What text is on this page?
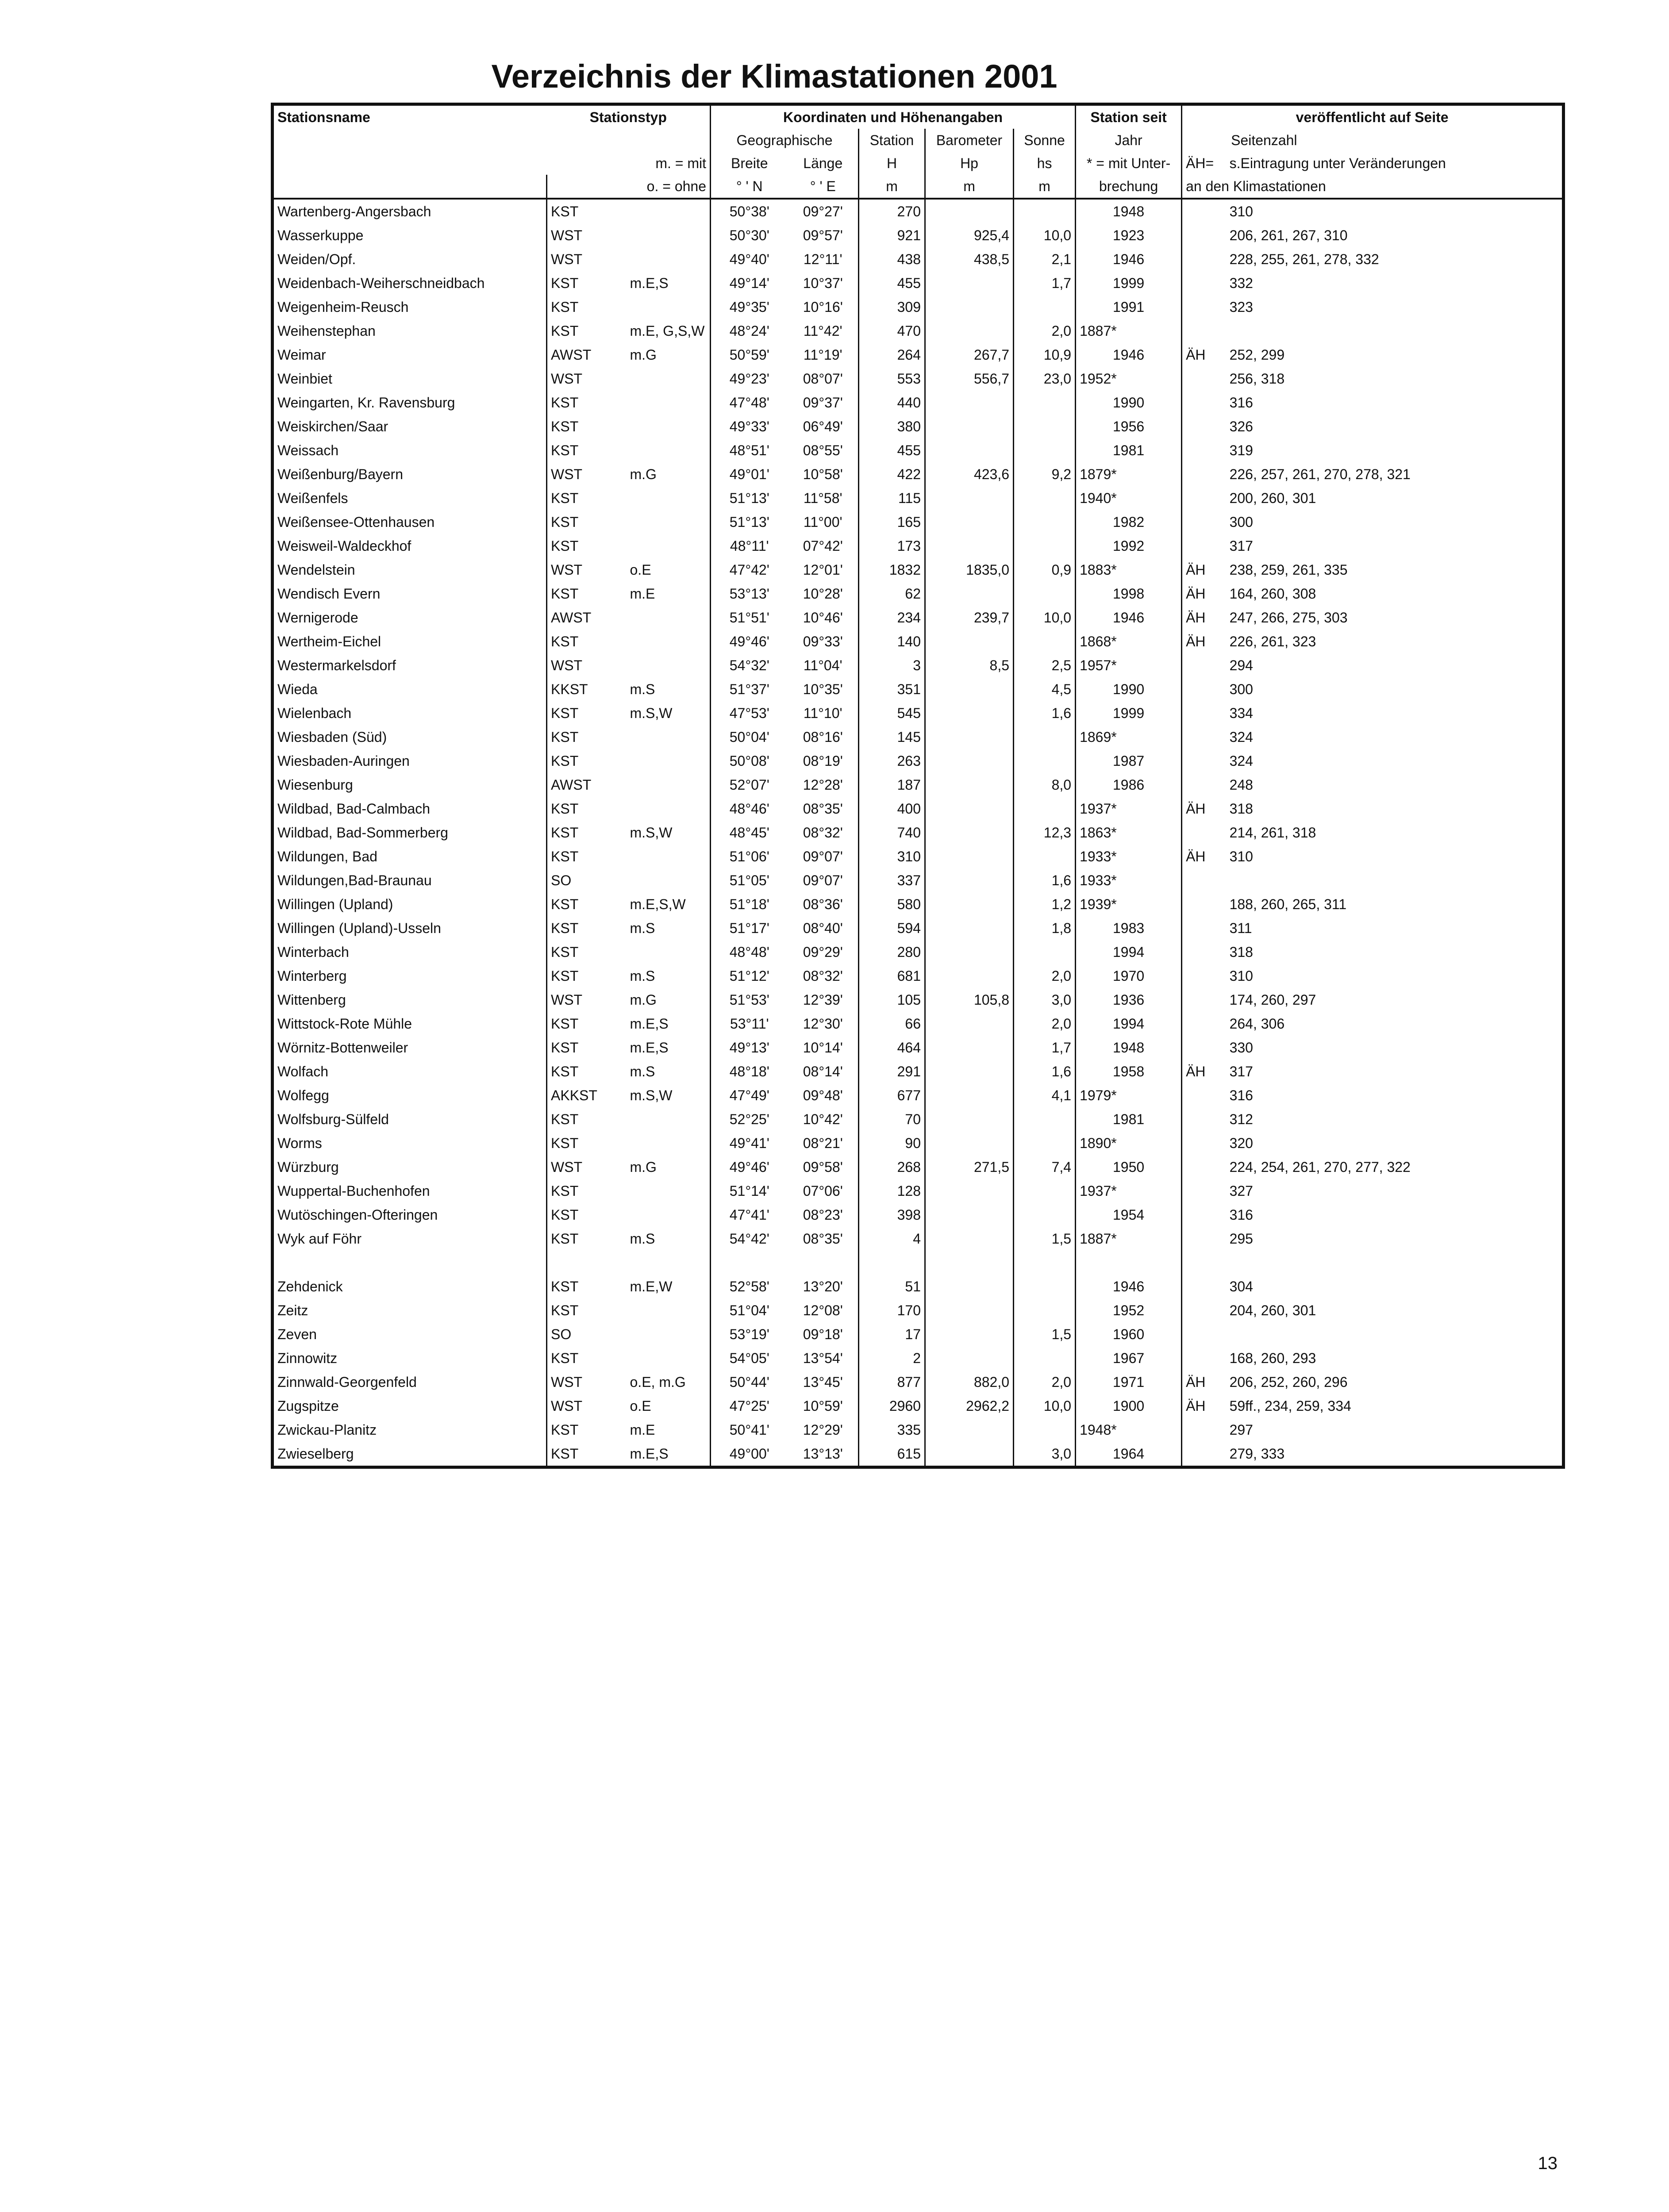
Verzeichnis der Klimastationen 2001
Stationsname	Stationstyp		Koordinaten und Höhenangaben					Station seit	veröffentlicht auf Seite	
			Geographische		Station	Barometer	Sonne	Jahr	Seitenzahl	
		m. = mit	Breite	Länge	H	Hp	hs	* = mit Unter-	ÄH=	s.Eintragung unter Veränderungen
		o. = ohne	° ' N	° ' E	m	m	m	brechung	an den Klimastationen	
Wartenberg-Angersbach	KST		50°38'	09°27'	270			1948		310
Wasserkuppe	WST		50°30'	09°57'	921	925,4	10,0	1923		206, 261, 267, 310
Weiden/Opf.	WST		49°40'	12°11'	438	438,5	2,1	1946		228, 255, 261, 278, 332
Weidenbach-Weiherschneidbach	KST	m.E,S	49°14'	10°37'	455		1,7	1999		332
Weigenheim-Reusch	KST		49°35'	10°16'	309			1991		323
Weihenstephan	KST	m.E, G,S,W	48°24'	11°42'	470		2,0	1887*		
Weimar	AWST	m.G	50°59'	11°19'	264	267,7	10,9	1946	ÄH	252, 299
Weinbiet	WST		49°23'	08°07'	553	556,7	23,0	1952*		256, 318
Weingarten, Kr. Ravensburg	KST		47°48'	09°37'	440			1990		316
Weiskirchen/Saar	KST		49°33'	06°49'	380			1956		326
Weissach	KST		48°51'	08°55'	455			1981		319
Weißenburg/Bayern	WST	m.G	49°01'	10°58'	422	423,6	9,2	1879*		226, 257, 261, 270, 278, 321
Weißenfels	KST		51°13'	11°58'	115			1940*		200, 260, 301
Weißensee-Ottenhausen	KST		51°13'	11°00'	165			1982		300
Weisweil-Waldeckhof	KST		48°11'	07°42'	173			1992		317
Wendelstein	WST	o.E	47°42'	12°01'	1832	1835,0	0,9	1883*	ÄH	238, 259, 261, 335
Wendisch Evern	KST	m.E	53°13'	10°28'	62			1998	ÄH	164, 260, 308
Wernigerode	AWST		51°51'	10°46'	234	239,7	10,0	1946	ÄH	247, 266, 275, 303
Wertheim-Eichel	KST		49°46'	09°33'	140			1868*	ÄH	226, 261, 323
Westermarkelsdorf	WST		54°32'	11°04'	3	8,5	2,5	1957*		294
Wieda	KKST	m.S	51°37'	10°35'	351		4,5	1990		300
Wielenbach	KST	m.S,W	47°53'	11°10'	545		1,6	1999		334
Wiesbaden (Süd)	KST		50°04'	08°16'	145			1869*		324
Wiesbaden-Auringen	KST		50°08'	08°19'	263			1987		324
Wiesenburg	AWST		52°07'	12°28'	187		8,0	1986		248
Wildbad, Bad-Calmbach	KST		48°46'	08°35'	400			1937*	ÄH	318
Wildbad, Bad-Sommerberg	KST	m.S,W	48°45'	08°32'	740		12,3	1863*		214, 261, 318
Wildungen, Bad	KST		51°06'	09°07'	310			1933*	ÄH	310
Wildungen,Bad-Braunau	SO		51°05'	09°07'	337		1,6	1933*		
Willingen (Upland)	KST	m.E,S,W	51°18'	08°36'	580		1,2	1939*		188, 260, 265, 311
Willingen (Upland)-Usseln	KST	m.S	51°17'	08°40'	594		1,8	1983		311
Winterbach	KST		48°48'	09°29'	280			1994		318
Winterberg	KST	m.S	51°12'	08°32'	681		2,0	1970		310
Wittenberg	WST	m.G	51°53'	12°39'	105	105,8	3,0	1936		174, 260, 297
Wittstock-Rote Mühle	KST	m.E,S	53°11'	12°30'	66		2,0	1994		264, 306
Wörnitz-Bottenweiler	KST	m.E,S	49°13'	10°14'	464		1,7	1948		330
Wolfach	KST	m.S	48°18'	08°14'	291		1,6	1958	ÄH	317
Wolfegg	AKKST	m.S,W	47°49'	09°48'	677		4,1	1979*		316
Wolfsburg-Sülfeld	KST		52°25'	10°42'	70			1981		312
Worms	KST		49°41'	08°21'	90			1890*		320
Würzburg	WST	m.G	49°46'	09°58'	268	271,5	7,4	1950		224, 254, 261, 270, 277, 322
Wuppertal-Buchenhofen	KST		51°14'	07°06'	128			1937*		327
Wutöschingen-Ofteringen	KST		47°41'	08°23'	398			1954		316
Wyk auf Föhr	KST	m.S	54°42'	08°35'	4		1,5	1887*		295

Zehdenick	KST	m.E,W	52°58'	13°20'	51			1946		304
Zeitz	KST		51°04'	12°08'	170			1952		204, 260, 301
Zeven	SO		53°19'	09°18'	17		1,5	1960		
Zinnowitz	KST		54°05'	13°54'	2			1967		168, 260, 293
Zinnwald-Georgenfeld	WST	o.E, m.G	50°44'	13°45'	877	882,0	2,0	1971	ÄH	206, 252, 260, 296
Zugspitze	WST	o.E	47°25'	10°59'	2960	2962,2	10,0	1900	ÄH	59ff., 234, 259, 334
Zwickau-Planitz	KST	m.E	50°41'	12°29'	335			1948*		297
Zwieselberg	KST	m.E,S	49°00'	13°13'	615		3,0	1964		279, 333
13
